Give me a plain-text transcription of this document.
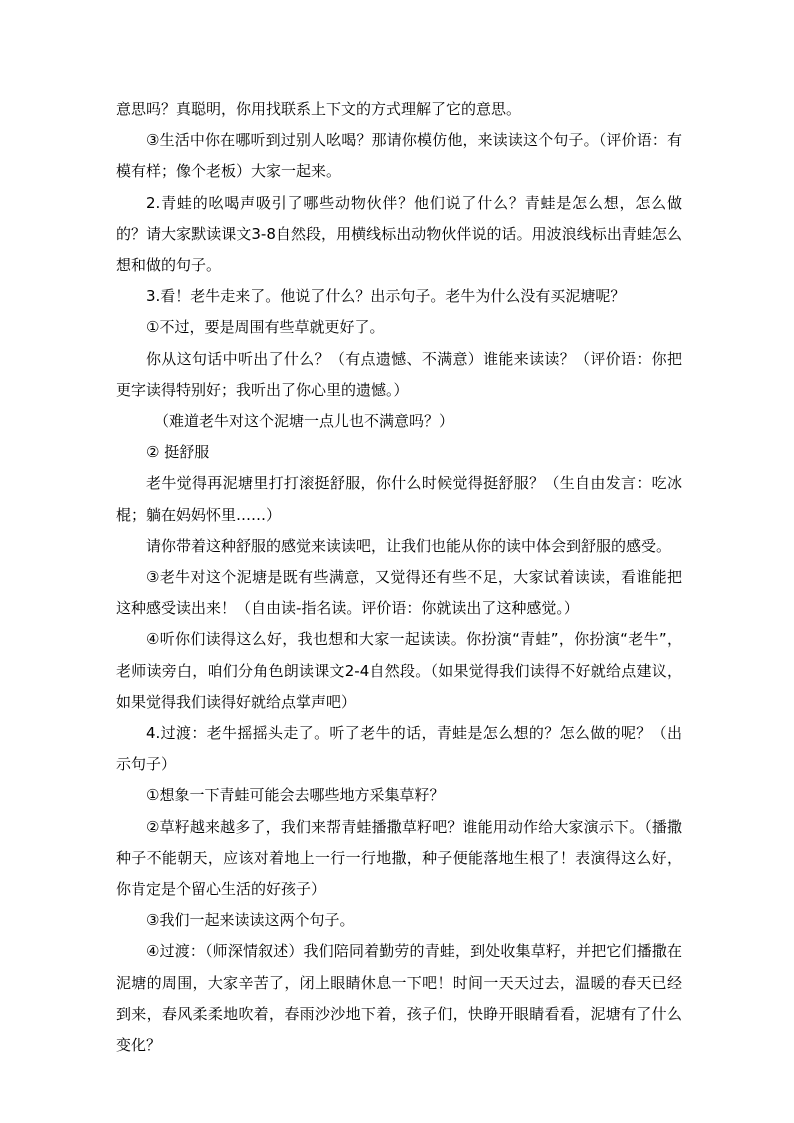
意思吗？真聪明，你用找联系上下文的方式理解了它的意思。

③生活中你在哪听到过别人吆喝？那请你模仿他，来读读这个句子。（评价语：有模有样；像个老板）大家一起来。

2.青蛙的吆喝声吸引了哪些动物伙伴？他们说了什么？青蛙是怎么想，怎么做的？请大家默读课文3-8自然段，用横线标出动物伙伴说的话。用波浪线标出青蛙怎么想和做的句子。

3.看！老牛走来了。他说了什么？出示句子。老牛为什么没有买泥塘呢？

①不过，要是周围有些草就更好了。

你从这句话中听出了什么？（有点遗憾、不满意）谁能来读读？（评价语：你把更字读得特别好；我听出了你心里的遗憾。）

（难道老牛对这个泥塘一点儿也不满意吗？）

② 挺舒服

老牛觉得再泥塘里打打滚挺舒服，你什么时候觉得挺舒服？（生自由发言：吃冰棍；躺在妈妈怀里……）

请你带着这种舒服的感觉来读读吧，让我们也能从你的读中体会到舒服的感受。

③老牛对这个泥塘是既有些满意，又觉得还有些不足，大家试着读读，看谁能把这种感受读出来！（自由读-指名读。评价语：你就读出了这种感觉。）

④听你们读得这么好，我也想和大家一起读读。你扮演“青蛙”，你扮演“老牛”，老师读旁白，咱们分角色朗读课文2-4自然段。（如果觉得我们读得不好就给点建议，如果觉得我们读得好就给点掌声吧）

4.过渡：老牛摇摇头走了。听了老牛的话，青蛙是怎么想的？怎么做的呢？（出示句子）

①想象一下青蛙可能会去哪些地方采集草籽？

②草籽越来越多了，我们来帮青蛙播撒草籽吧？谁能用动作给大家演示下。（播撒种子不能朝天，应该对着地上一行一行地撒，种子便能落地生根了！表演得这么好，你肯定是个留心生活的好孩子）

③我们一起来读读这两个句子。

④过渡：（师深情叙述）我们陪同着勤劳的青蛙，到处收集草籽，并把它们播撒在泥塘的周围，大家辛苦了，闭上眼睛休息一下吧！时间一天天过去，温暖的春天已经到来，春风柔柔地吹着，春雨沙沙地下着，孩子们，快睁开眼睛看看，泥塘有了什么变化？
